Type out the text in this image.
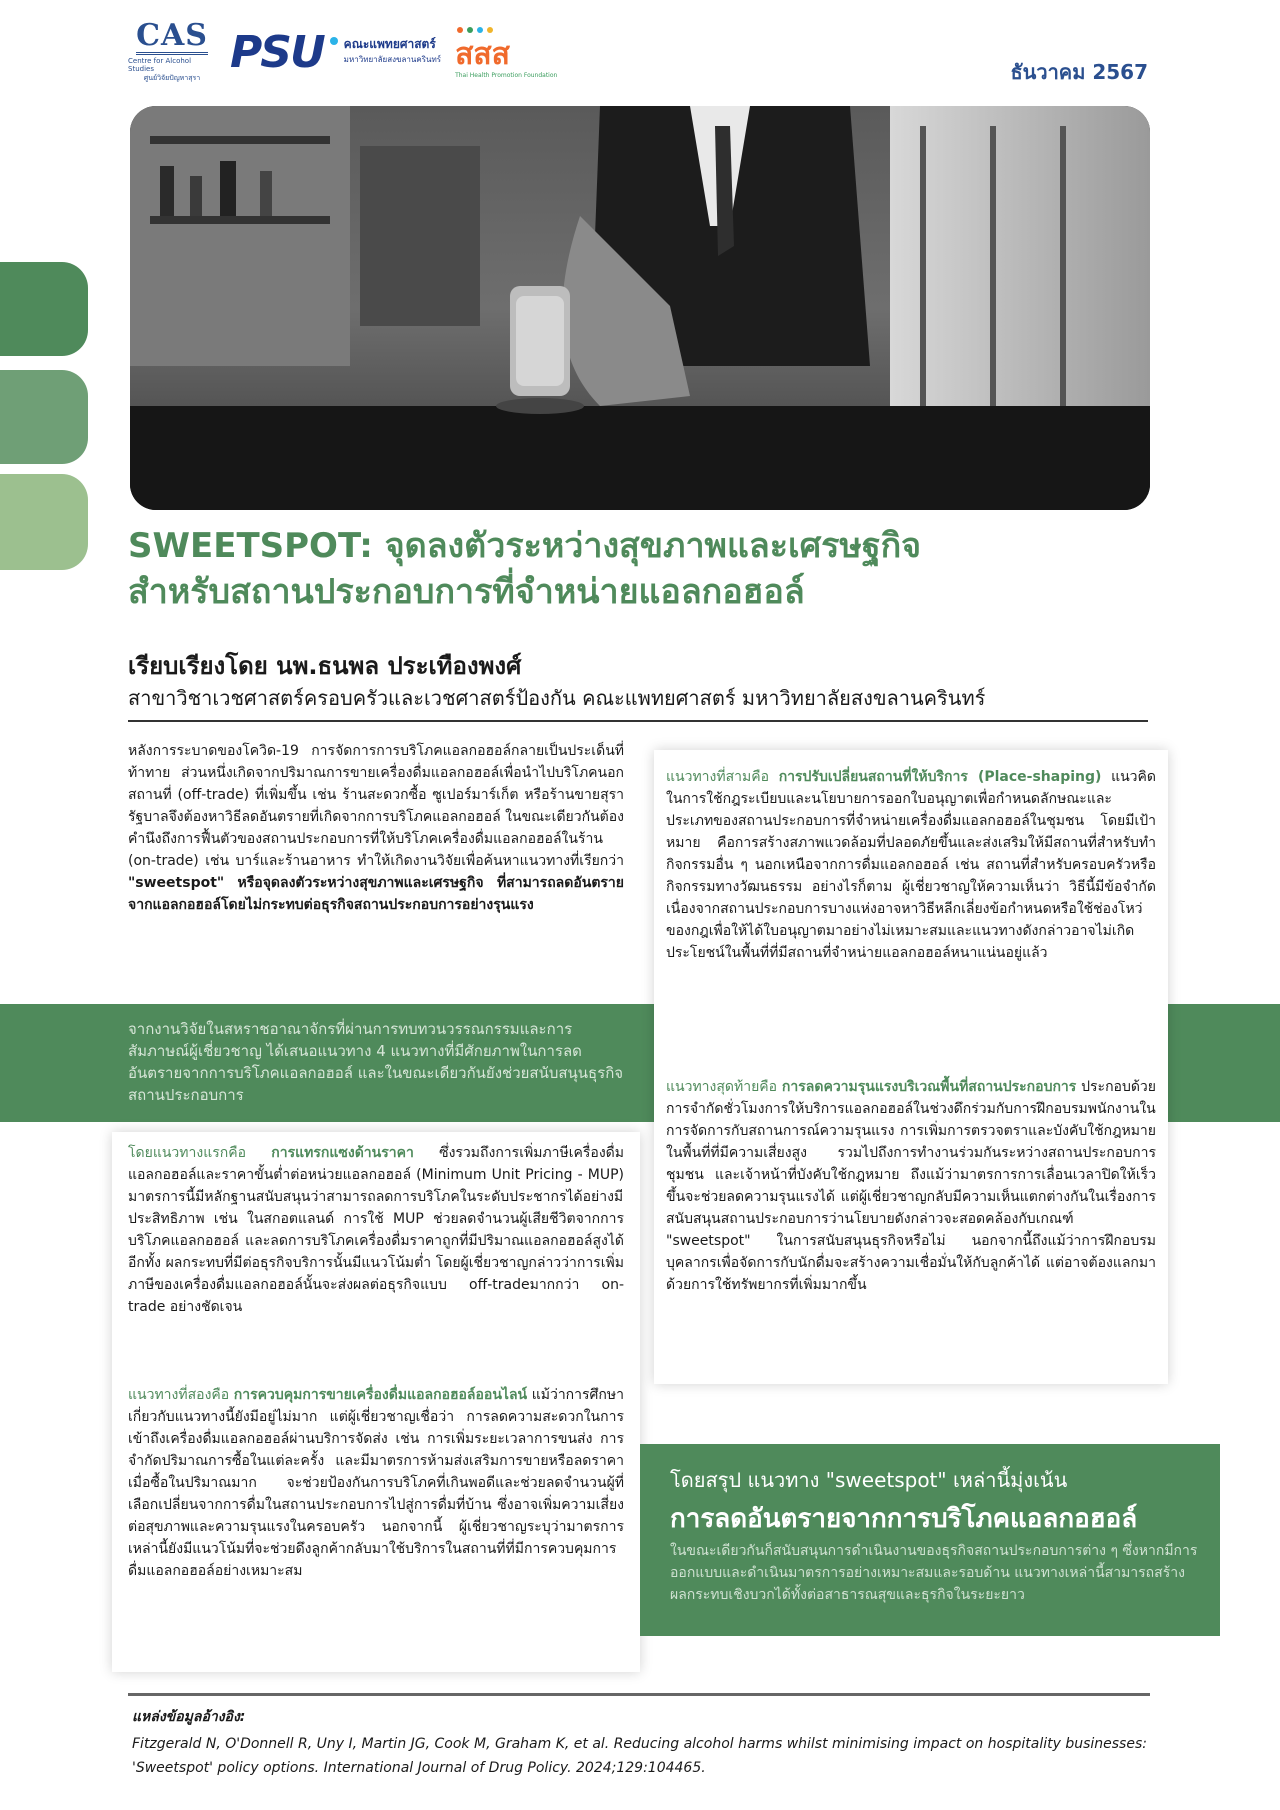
CAS
Centre for Alcohol Studies
ศูนย์วิจัยปัญหาสุรา
PSU คณะแพทยศาสตร์
มหาวิทยาลัยสงขลานครินทร์ สสส
Thai Health Promotion Foundation	ธันวาคม 2567
SWEETSPOT: จุดลงตัวระหว่างสุขภาพและเศรษฐกิจ
สำหรับสถานประกอบการที่จำหน่ายแอลกอฮอล์
เรียบเรียงโดย นพ.ธนพล ประเทืองพงศ์
สาขาวิชาเวชศาสตร์ครอบครัวและเวชศาสตร์ป้องกัน คณะแพทยศาสตร์ มหาวิทยาลัยสงขลานครินทร์
หลังการระบาดของโควิด-19 การจัดการการบริโภคแอลกอฮอล์กลายเป็นประเด็นที่ท้าทาย ส่วนหนึ่งเกิดจากปริมาณการขายเครื่องดื่มแอลกอฮอล์เพื่อนำไปบริโภคนอกสถานที่ (off-trade) ที่เพิ่มขึ้น เช่น ร้านสะดวกซื้อ ซูเปอร์มาร์เก็ต หรือร้านขายสุรา รัฐบาลจึงต้องหาวิธีลดอันตรายที่เกิดจากการบริโภคแอลกอฮอล์ ในขณะเดียวกันต้องคำนึงถึงการฟื้นตัวของสถานประกอบการที่ให้บริโภคเครื่องดื่มแอลกอฮอล์ในร้าน (on-trade) เช่น บาร์และร้านอาหาร ทำให้เกิดงานวิจัยเพื่อค้นหาแนวทางที่เรียกว่า "sweetspot" หรือจุดลงตัวระหว่างสุขภาพและเศรษฐกิจ ที่สามารถลดอันตรายจากแอลกอฮอล์โดยไม่กระทบต่อธุรกิจสถานประกอบการอย่างรุนแรง
จากงานวิจัยในสหราชอาณาจักรที่ผ่านการทบทวนวรรณกรรมและการสัมภาษณ์ผู้เชี่ยวชาญ ได้เสนอแนวทาง 4 แนวทางที่มีศักยภาพในการลดอันตรายจากการบริโภคแอลกอฮอล์ และในขณะเดียวกันยังช่วยสนับสนุนธุรกิจสถานประกอบการ
แนวทางที่สามคือ การปรับเปลี่ยนสถานที่ให้บริการ (Place-shaping) แนวคิดในการใช้กฎระเบียบและนโยบายการออกใบอนุญาตเพื่อกำหนดลักษณะและประเภทของสถานประกอบการที่จำหน่ายเครื่องดื่มแอลกอฮอล์ในชุมชน โดยมีเป้าหมาย คือการสร้างสภาพแวดล้อมที่ปลอดภัยขึ้นและส่งเสริมให้มีสถานที่สำหรับทำกิจกรรมอื่น ๆ นอกเหนือจากการดื่มแอลกอฮอล์ เช่น สถานที่สำหรับครอบครัวหรือกิจกรรมทางวัฒนธรรม อย่างไรก็ตาม ผู้เชี่ยวชาญให้ความเห็นว่า วิธีนี้มีข้อจำกัด เนื่องจากสถานประกอบการบางแห่งอาจหาวิธีหลีกเลี่ยงข้อกำหนดหรือใช้ช่องโหว่ของกฎเพื่อให้ได้ใบอนุญาตมาอย่างไม่เหมาะสมและแนวทางดังกล่าวอาจไม่เกิดประโยชน์ในพื้นที่ที่มีสถานที่จำหน่ายแอลกอฮอล์หนาแน่นอยู่แล้ว
แนวทางสุดท้ายคือ การลดความรุนแรงบริเวณพื้นที่สถานประกอบการ ประกอบด้วยการจำกัดชั่วโมงการให้บริการแอลกอฮอล์ในช่วงดึกร่วมกับการฝึกอบรมพนักงานในการจัดการกับสถานการณ์ความรุนแรง การเพิ่มการตรวจตราและบังคับใช้กฎหมายในพื้นที่ที่มีความเสี่ยงสูง รวมไปถึงการทำงานร่วมกันระหว่างสถานประกอบการ ชุมชน และเจ้าหน้าที่บังคับใช้กฎหมาย ถึงแม้ว่ามาตรการการเลื่อนเวลาปิดให้เร็วขึ้นจะช่วยลดความรุนแรงได้ แต่ผู้เชี่ยวชาญกลับมีความเห็นแตกต่างกันในเรื่องการสนับสนุนสถานประกอบการว่านโยบายดังกล่าวจะสอดคล้องกับเกณฑ์ "sweetspot" ในการสนับสนุนธุรกิจหรือไม่ นอกจากนี้ถึงแม้ว่าการฝึกอบรมบุคลากรเพื่อจัดการกับนักดื่มจะสร้างความเชื่อมั่นให้กับลูกค้าได้ แต่อาจต้องแลกมาด้วยการใช้ทรัพยากรที่เพิ่มมากขึ้น
โดยแนวทางแรกคือ การแทรกแซงด้านราคา ซึ่งรวมถึงการเพิ่มภาษีเครื่องดื่มแอลกอฮอล์และราคาขั้นต่ำต่อหน่วยแอลกอฮอล์ (Minimum Unit Pricing - MUP) มาตรการนี้มีหลักฐานสนับสนุนว่าสามารถลดการบริโภคในระดับประชากรได้อย่างมีประสิทธิภาพ เช่น ในสกอตแลนด์ การใช้ MUP ช่วยลดจำนวนผู้เสียชีวิตจากการบริโภคแอลกอฮอล์ และลดการบริโภคเครื่องดื่มราคาถูกที่มีปริมาณแอลกอฮอล์สูงได้ อีกทั้ง ผลกระทบที่มีต่อธุรกิจบริการนั้นมีแนวโน้มต่ำ โดยผู้เชี่ยวชาญกล่าวว่าการเพิ่มภาษีของเครื่องดื่มแอลกอฮอล์นั้นจะส่งผลต่อธุรกิจแบบ off-tradeมากกว่า on-trade อย่างชัดเจน
แนวทางที่สองคือ การควบคุมการขายเครื่องดื่มแอลกอฮอล์ออนไลน์ แม้ว่าการศึกษาเกี่ยวกับแนวทางนี้ยังมีอยู่ไม่มาก แต่ผู้เชี่ยวชาญเชื่อว่า การลดความสะดวกในการเข้าถึงเครื่องดื่มแอลกอฮอล์ผ่านบริการจัดส่ง เช่น การเพิ่มระยะเวลาการขนส่ง การจำกัดปริมาณการซื้อในแต่ละครั้ง และมีมาตรการห้ามส่งเสริมการขายหรือลดราคาเมื่อซื้อในปริมาณมาก จะช่วยป้องกันการบริโภคที่เกินพอดีและช่วยลดจำนวนผู้ที่เลือกเปลี่ยนจากการดื่มในสถานประกอบการไปสู่การดื่มที่บ้าน ซึ่งอาจเพิ่มความเสี่ยงต่อสุขภาพและความรุนแรงในครอบครัว นอกจากนี้ ผู้เชี่ยวชาญระบุว่ามาตรการเหล่านี้ยังมีแนวโน้มที่จะช่วยดึงลูกค้ากลับมาใช้บริการในสถานที่ที่มีการควบคุมการดื่มแอลกอฮอล์อย่างเหมาะสม
โดยสรุป แนวทาง "sweetspot" เหล่านี้มุ่งเน้น
การลดอันตรายจากการบริโภคแอลกอฮอล์
ในขณะเดียวกันก็สนับสนุนการดำเนินงานของธุรกิจสถานประกอบการต่าง ๆ ซึ่งหากมีการออกแบบและดำเนินมาตรการอย่างเหมาะสมและรอบด้าน แนวทางเหล่านี้สามารถสร้างผลกระทบเชิงบวกได้ทั้งต่อสาธารณสุขและธุรกิจในระยะยาว
แหล่งข้อมูลอ้างอิง:
Fitzgerald N, O'Donnell R, Uny I, Martin JG, Cook M, Graham K, et al. Reducing alcohol harms whilst minimising impact on hospitality businesses: 'Sweetspot' policy options. International Journal of Drug Policy. 2024;129:104465.
